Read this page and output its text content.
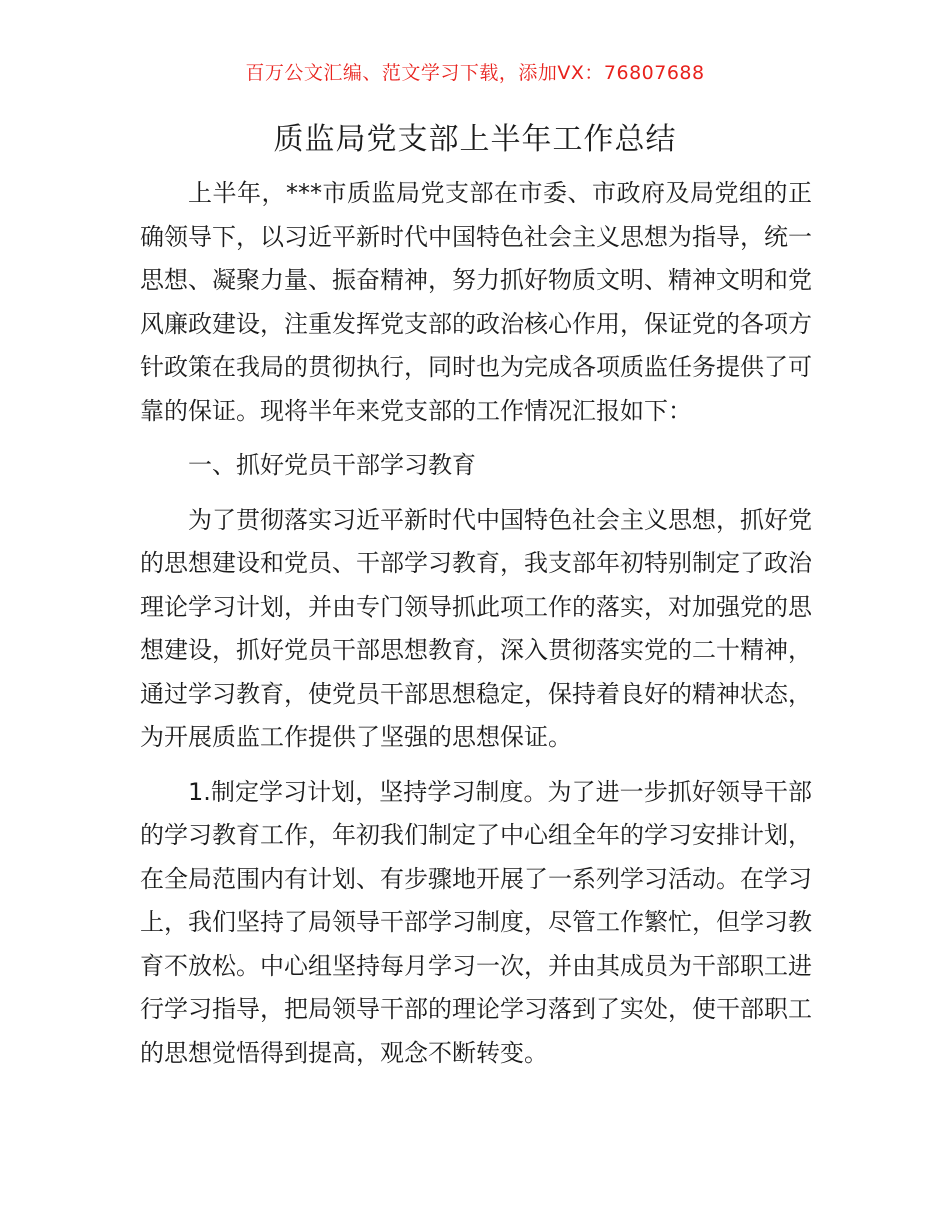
百万公文汇编、范文学习下载，添加VX：76807688
质监局党支部上半年工作总结

上半年，***市质监局党支部在市委、市政府及局党组的正确领导下，以习近平新时代中国特色社会主义思想为指导，统一思想、凝聚力量、振奋精神，努力抓好物质文明、精神文明和党风廉政建设，注重发挥党支部的政治核心作用，保证党的各项方针政策在我局的贯彻执行，同时也为完成各项质监任务提供了可靠的保证。现将半年来党支部的工作情况汇报如下：

一、抓好党员干部学习教育

为了贯彻落实习近平新时代中国特色社会主义思想，抓好党的思想建设和党员、干部学习教育，我支部年初特别制定了政治理论学习计划，并由专门领导抓此项工作的落实，对加强党的思想建设，抓好党员干部思想教育，深入贯彻落实党的二十精神，通过学习教育，使党员干部思想稳定，保持着良好的精神状态，为开展质监工作提供了坚强的思想保证。

1.制定学习计划，坚持学习制度。为了进一步抓好领导干部的学习教育工作，年初我们制定了中心组全年的学习安排计划，在全局范围内有计划、有步骤地开展了一系列学习活动。在学习上，我们坚持了局领导干部学习制度，尽管工作繁忙，但学习教育不放松。中心组坚持每月学习一次，并由其成员为干部职工进行学习指导，把局领导干部的理论学习落到了实处，使干部职工的思想觉悟得到提高，观念不断转变。
